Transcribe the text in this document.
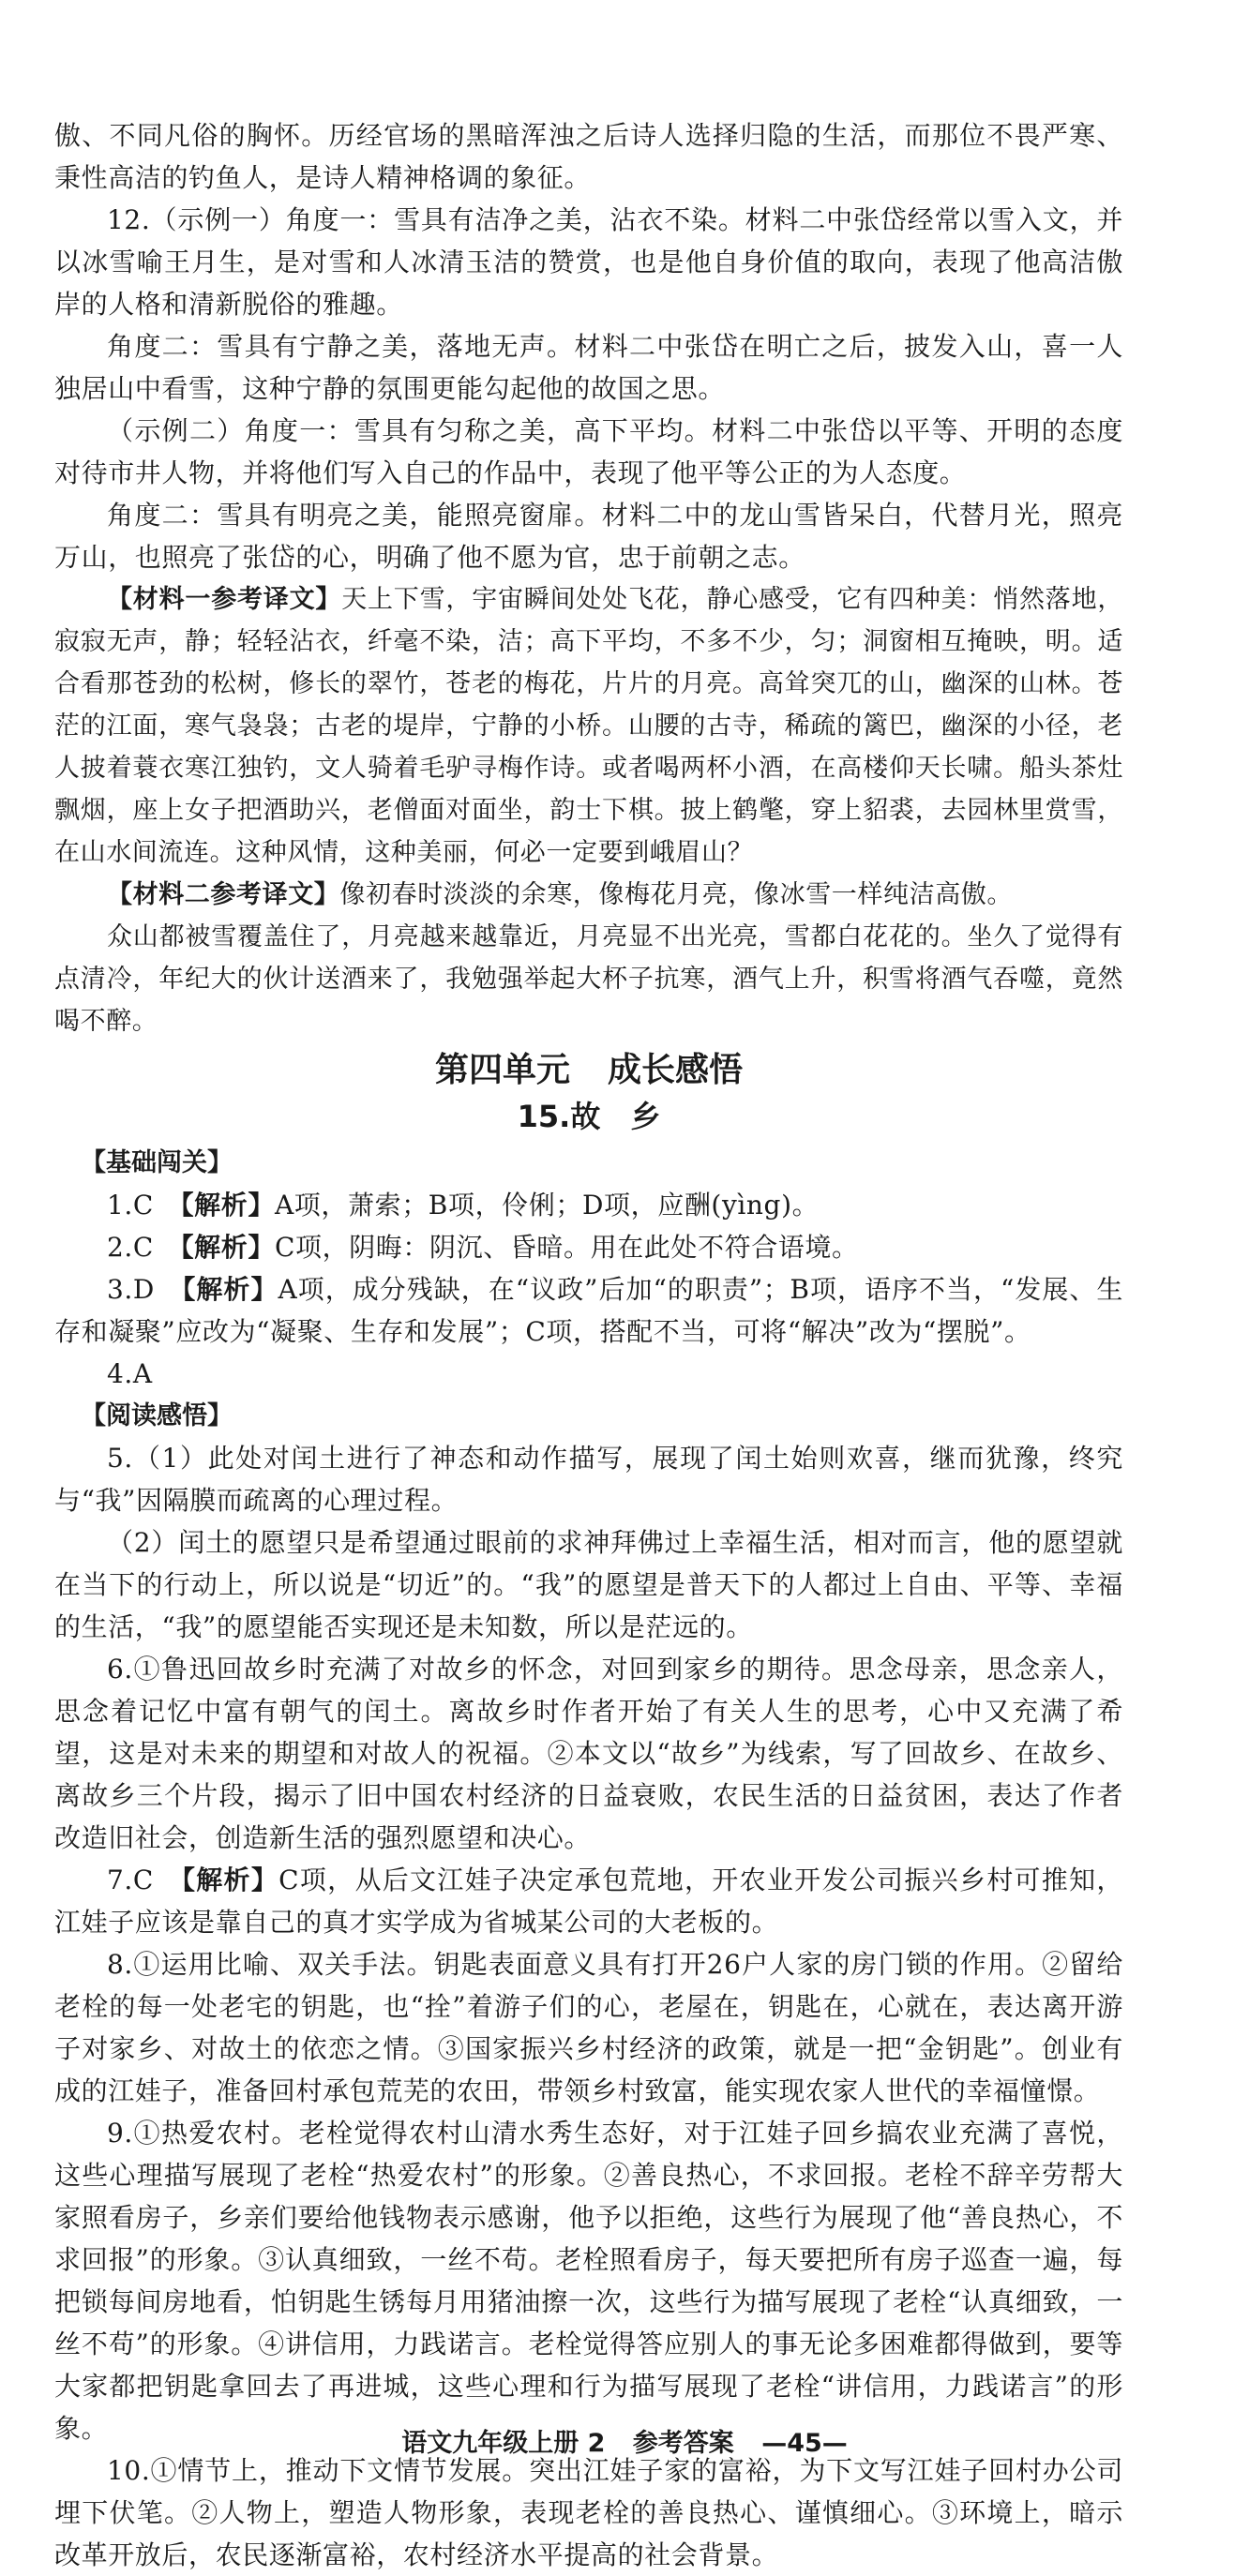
傲、不同凡俗的胸怀。历经官场的黑暗浑浊之后诗人选择归隐的生活，而那位不畏严寒、秉性高洁的钓鱼人，是诗人精神格调的象征。

12.（示例一）角度一：雪具有洁净之美，沾衣不染。材料二中张岱经常以雪入文，并以冰雪喻王月生，是对雪和人冰清玉洁的赞赏，也是他自身价值的取向，表现了他高洁傲岸的人格和清新脱俗的雅趣。

角度二：雪具有宁静之美，落地无声。材料二中张岱在明亡之后，披发入山，喜一人独居山中看雪，这种宁静的氛围更能勾起他的故国之思。

（示例二）角度一：雪具有匀称之美，高下平均。材料二中张岱以平等、开明的态度对待市井人物，并将他们写入自己的作品中，表现了他平等公正的为人态度。

角度二：雪具有明亮之美，能照亮窗扉。材料二中的龙山雪皆呆白，代替月光，照亮万山，也照亮了张岱的心，明确了他不愿为官，忠于前朝之志。

【材料一参考译文】天上下雪，宇宙瞬间处处飞花，静心感受，它有四种美：悄然落地，寂寂无声，静；轻轻沾衣，纤毫不染，洁；高下平均，不多不少，匀；洞窗相互掩映，明。适合看那苍劲的松树，修长的翠竹，苍老的梅花，片片的月亮。高耸突兀的山，幽深的山林。苍茫的江面，寒气袅袅；古老的堤岸，宁静的小桥。山腰的古寺，稀疏的篱巴，幽深的小径，老人披着蓑衣寒江独钓，文人骑着毛驴寻梅作诗。或者喝两杯小酒，在高楼仰天长啸。船头茶灶飘烟，座上女子把酒助兴，老僧面对面坐，韵士下棋。披上鹤氅，穿上貂裘，去园林里赏雪，在山水间流连。这种风情，这种美丽，何必一定要到峨眉山？

【材料二参考译文】像初春时淡淡的余寒，像梅花月亮，像冰雪一样纯洁高傲。

众山都被雪覆盖住了，月亮越来越靠近，月亮显不出光亮，雪都白花花的。坐久了觉得有点清冷，年纪大的伙计送酒来了，我勉强举起大杯子抗寒，酒气上升，积雪将酒气吞噬，竟然喝不醉。

第四单元 成长感悟
15.故　乡
【基础闯关】

1.C　 【解析】A项，萧索；B项，伶俐；D项，应酬(yìng)。

2.C　 【解析】C项，阴晦：阴沉、昏暗。用在此处不符合语境。

3.D　 【解析】A项，成分残缺，在“议政”后加“的职责”；B项，语序不当，“发展、生存和凝聚”应改为“凝聚、生存和发展”；C项，搭配不当，可将“解决”改为“摆脱”。

4.A

【阅读感悟】

5.（1）此处对闰土进行了神态和动作描写，展现了闰土始则欢喜，继而犹豫，终究与“我”因隔膜而疏离的心理过程。

（2）闰土的愿望只是希望通过眼前的求神拜佛过上幸福生活，相对而言，他的愿望就在当下的行动上，所以说是“切近”的。“我”的愿望是普天下的人都过上自由、平等、幸福的生活，“我”的愿望能否实现还是未知数，所以是茫远的。

6.①鲁迅回故乡时充满了对故乡的怀念，对回到家乡的期待。思念母亲，思念亲人，思念着记忆中富有朝气的闰土。离故乡时作者开始了有关人生的思考，心中又充满了希望，这是对未来的期望和对故人的祝福。②本文以“故乡”为线索，写了回故乡、在故乡、离故乡三个片段，揭示了旧中国农村经济的日益衰败，农民生活的日益贫困，表达了作者改造旧社会，创造新生活的强烈愿望和决心。

7.C　 【解析】C项，从后文江娃子决定承包荒地，开农业开发公司振兴乡村可推知，江娃子应该是靠自己的真才实学成为省城某公司的大老板的。

8.①运用比喻、双关手法。钥匙表面意义具有打开26户人家的房门锁的作用。②留给老栓的每一处老宅的钥匙，也“拴”着游子们的心，老屋在，钥匙在，心就在，表达离开游子对家乡、对故土的依恋之情。③国家振兴乡村经济的政策，就是一把“金钥匙”。创业有成的江娃子，准备回村承包荒芜的农田，带领乡村致富，能实现农家人世代的幸福憧憬。

9.①热爱农村。老栓觉得农村山清水秀生态好，对于江娃子回乡搞农业充满了喜悦，这些心理描写展现了老栓“热爱农村”的形象。②善良热心，不求回报。老栓不辞辛劳帮大家照看房子，乡亲们要给他钱物表示感谢，他予以拒绝，这些行为展现了他“善良热心，不求回报”的形象。③认真细致，一丝不苟。老栓照看房子，每天要把所有房子巡查一遍，每把锁每间房地看，怕钥匙生锈每月用猪油擦一次，这些行为描写展现了老栓“认真细致，一丝不苟”的形象。④讲信用，力践诺言。老栓觉得答应别人的事无论多困难都得做到，要等大家都把钥匙拿回去了再进城，这些心理和行为描写展现了老栓“讲信用，力践诺言”的形象。

10.①情节上，推动下文情节发展。突出江娃子家的富裕，为下文写江娃子回村办公司埋下伏笔。②人物上，塑造人物形象，表现老栓的善良热心、谨慎细心。③环境上，暗示改革开放后，农民逐渐富裕，农村经济水平提高的社会背景。

语文九年级上册 2 参考答案 —45—
